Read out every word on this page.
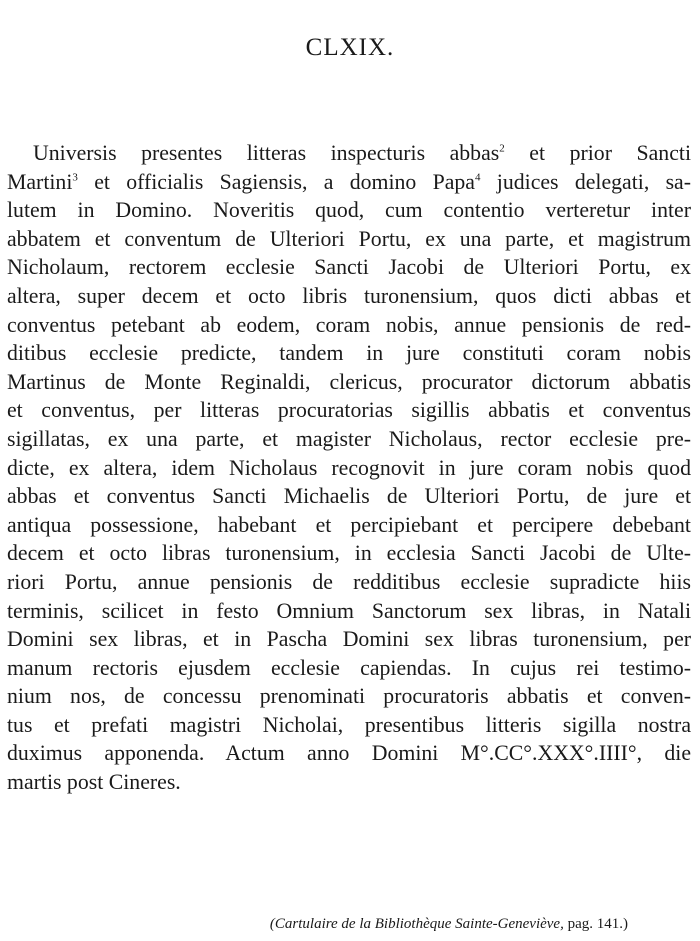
CLXIX.
Universis presentes litteras inspecturis abbas$^2$ et prior Sancti
Martini$^3$ et officialis Sagiensis, a domino Papa$^4$ judices delegati, sa-
lutem in Domino. Noveritis quod, cum contentio verteretur inter
abbatem et conventum de Ulteriori Portu, ex una parte, et magistrum
Nicholaum, rectorem ecclesie Sancti Jacobi de Ulteriori Portu, ex
altera, super decem et octo libris turonensium, quos dicti abbas et
conventus petebant ab eodem, coram nobis, annue pensionis de red-
ditibus ecclesie predicte, tandem in jure constituti coram nobis
Martinus de Monte Reginaldi, clericus, procurator dictorum abbatis
et conventus, per litteras procuratorias sigillis abbatis et conventus
sigillatas, ex una parte, et magister Nicholaus, rector ecclesie pre-
dicte, ex altera, idem Nicholaus recognovit in jure coram nobis quod
abbas et conventus Sancti Michaelis de Ulteriori Portu, de jure et
antiqua possessione, habebant et percipiebant et percipere debebant
decem et octo libras turonensium, in ecclesia Sancti Jacobi de Ulte-
riori Portu, annue pensionis de redditibus ecclesie supradicte hiis
terminis, scilicet in festo Omnium Sanctorum sex libras, in Natali
Domini sex libras, et in Pascha Domini sex libras turonensium, per
manum rectoris ejusdem ecclesie capiendas. In cujus rei testimo-
nium nos, de concessu prenominati procuratoris abbatis et conven-
tus et prefati magistri Nicholai, presentibus litteris sigilla nostra
duximus apponenda. Actum anno Domini M°.CC°.XXX°.IIII°, die
martis post Cineres.
(Cartulaire de la Bibliothèque Sainte-Geneviève, pag. 141.)
